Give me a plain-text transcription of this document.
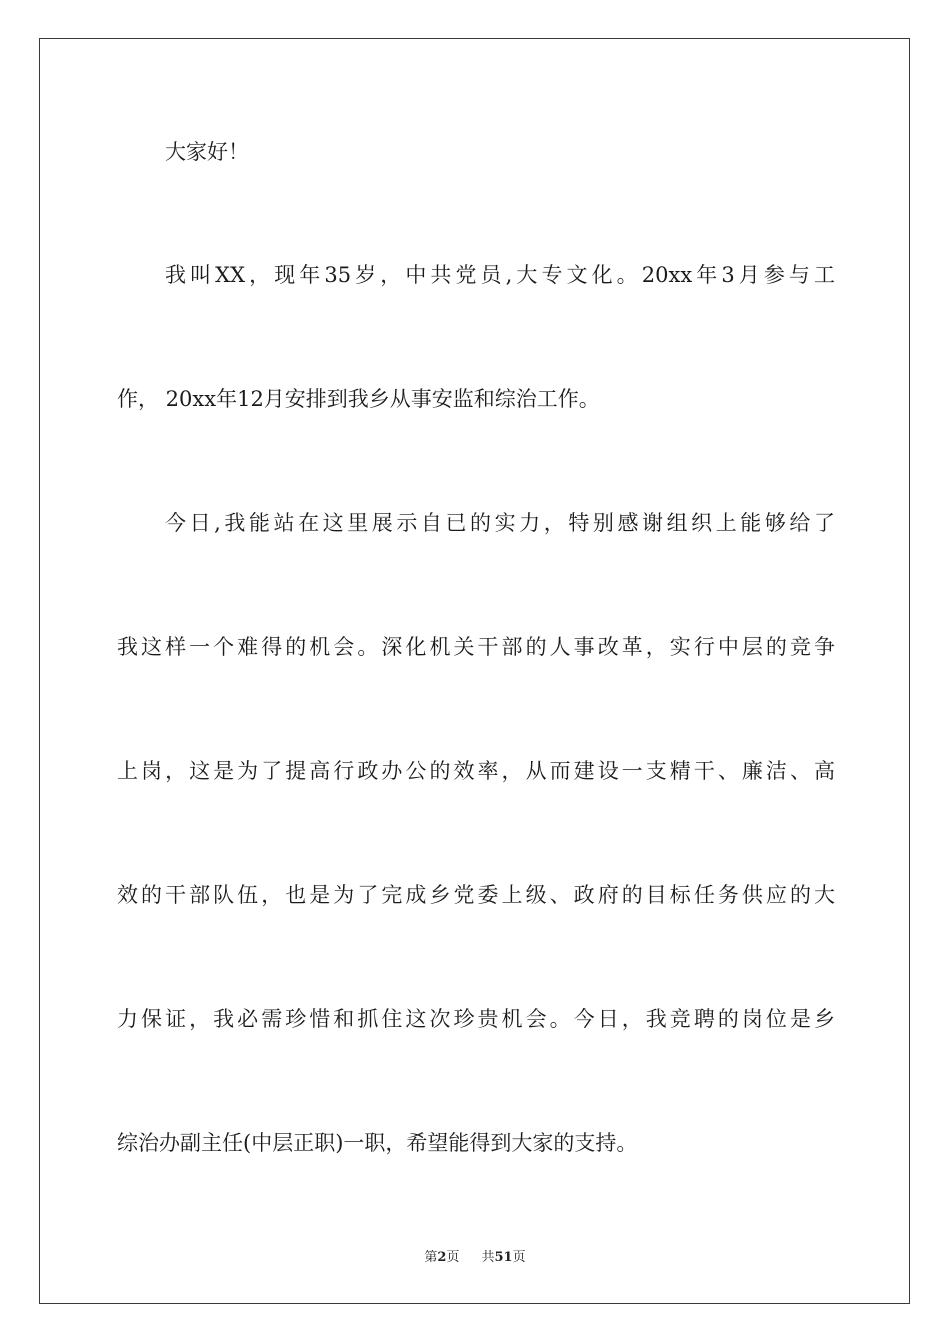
大家好！
我叫XX，现年35岁，中共党员,大专文化。20xx年3月参与工
作， 20xx年12月安排到我乡从事安监和综治工作。
今日,我能站在这里展示自已的实力，特别感谢组织上能够给了
我这样一个难得的机会。深化机关干部的人事改革，实行中层的竞争
上岗，这是为了提高行政办公的效率，从而建设一支精干、廉洁、高
效的干部队伍，也是为了完成乡党委上级、政府的目标任务供应的大
力保证，我必需珍惜和抓住这次珍贵机会。今日，我竞聘的岗位是乡
综治办副主任(中层正职)一职，希望能得到大家的支持。
第2页 共51页
